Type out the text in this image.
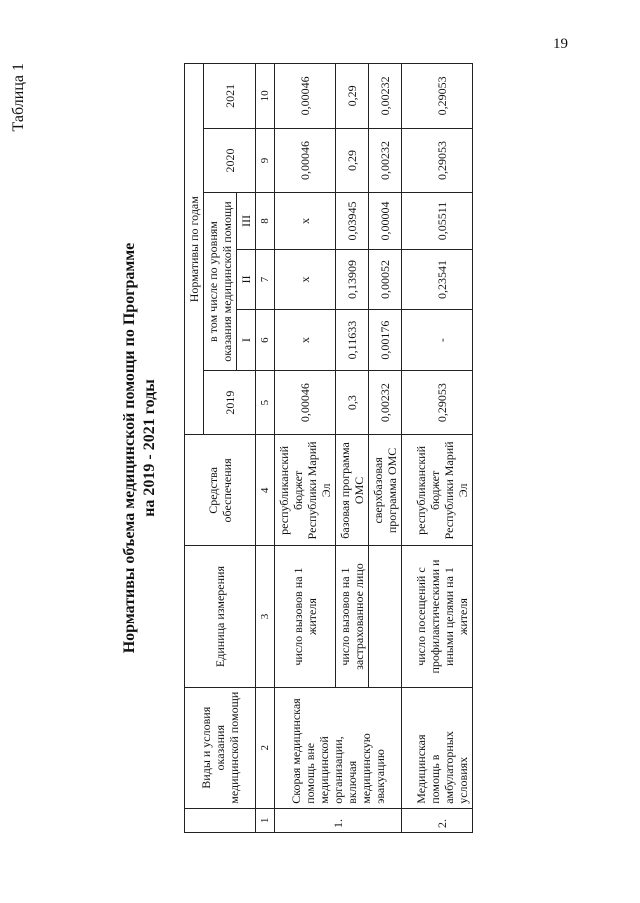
19
Таблица 1
Нормативы объема медицинской помощи по Программе на 2019 - 2021 годы
	Виды и условия оказания медицинской помощи	Единица измерения	Средства обеспечения	Нормативы по годам					
				2019	в том числе по уровням оказания медицинской помощи			2020	2021
					I	II	III		
1	2	3	4	5	6	7	8	9	10
1.	Скорая медицинская помощь вне медицинской организации, включая медицинскую эвакуацию	число вызовов на 1 жителя	республиканский бюджет Республики Марий Эл	0,00046	х	х	х	0,00046	0,00046
		число вызовов на 1 застрахованное лицо	базовая программа ОМС	0,3	0,11633	0,13909	0,03945	0,29	0,29
			сверхбазовая программа ОМС	0,00232	0,00176	0,00052	0,00004	0,00232	0,00232
2.	Медицинская помощь в амбулаторных условиях	число посещений с профилактическими и иными целями на 1 жителя	республиканский бюджет Республики Марий Эл	0,29053	-	0,23541	0,05511	0,29053	0,29053
